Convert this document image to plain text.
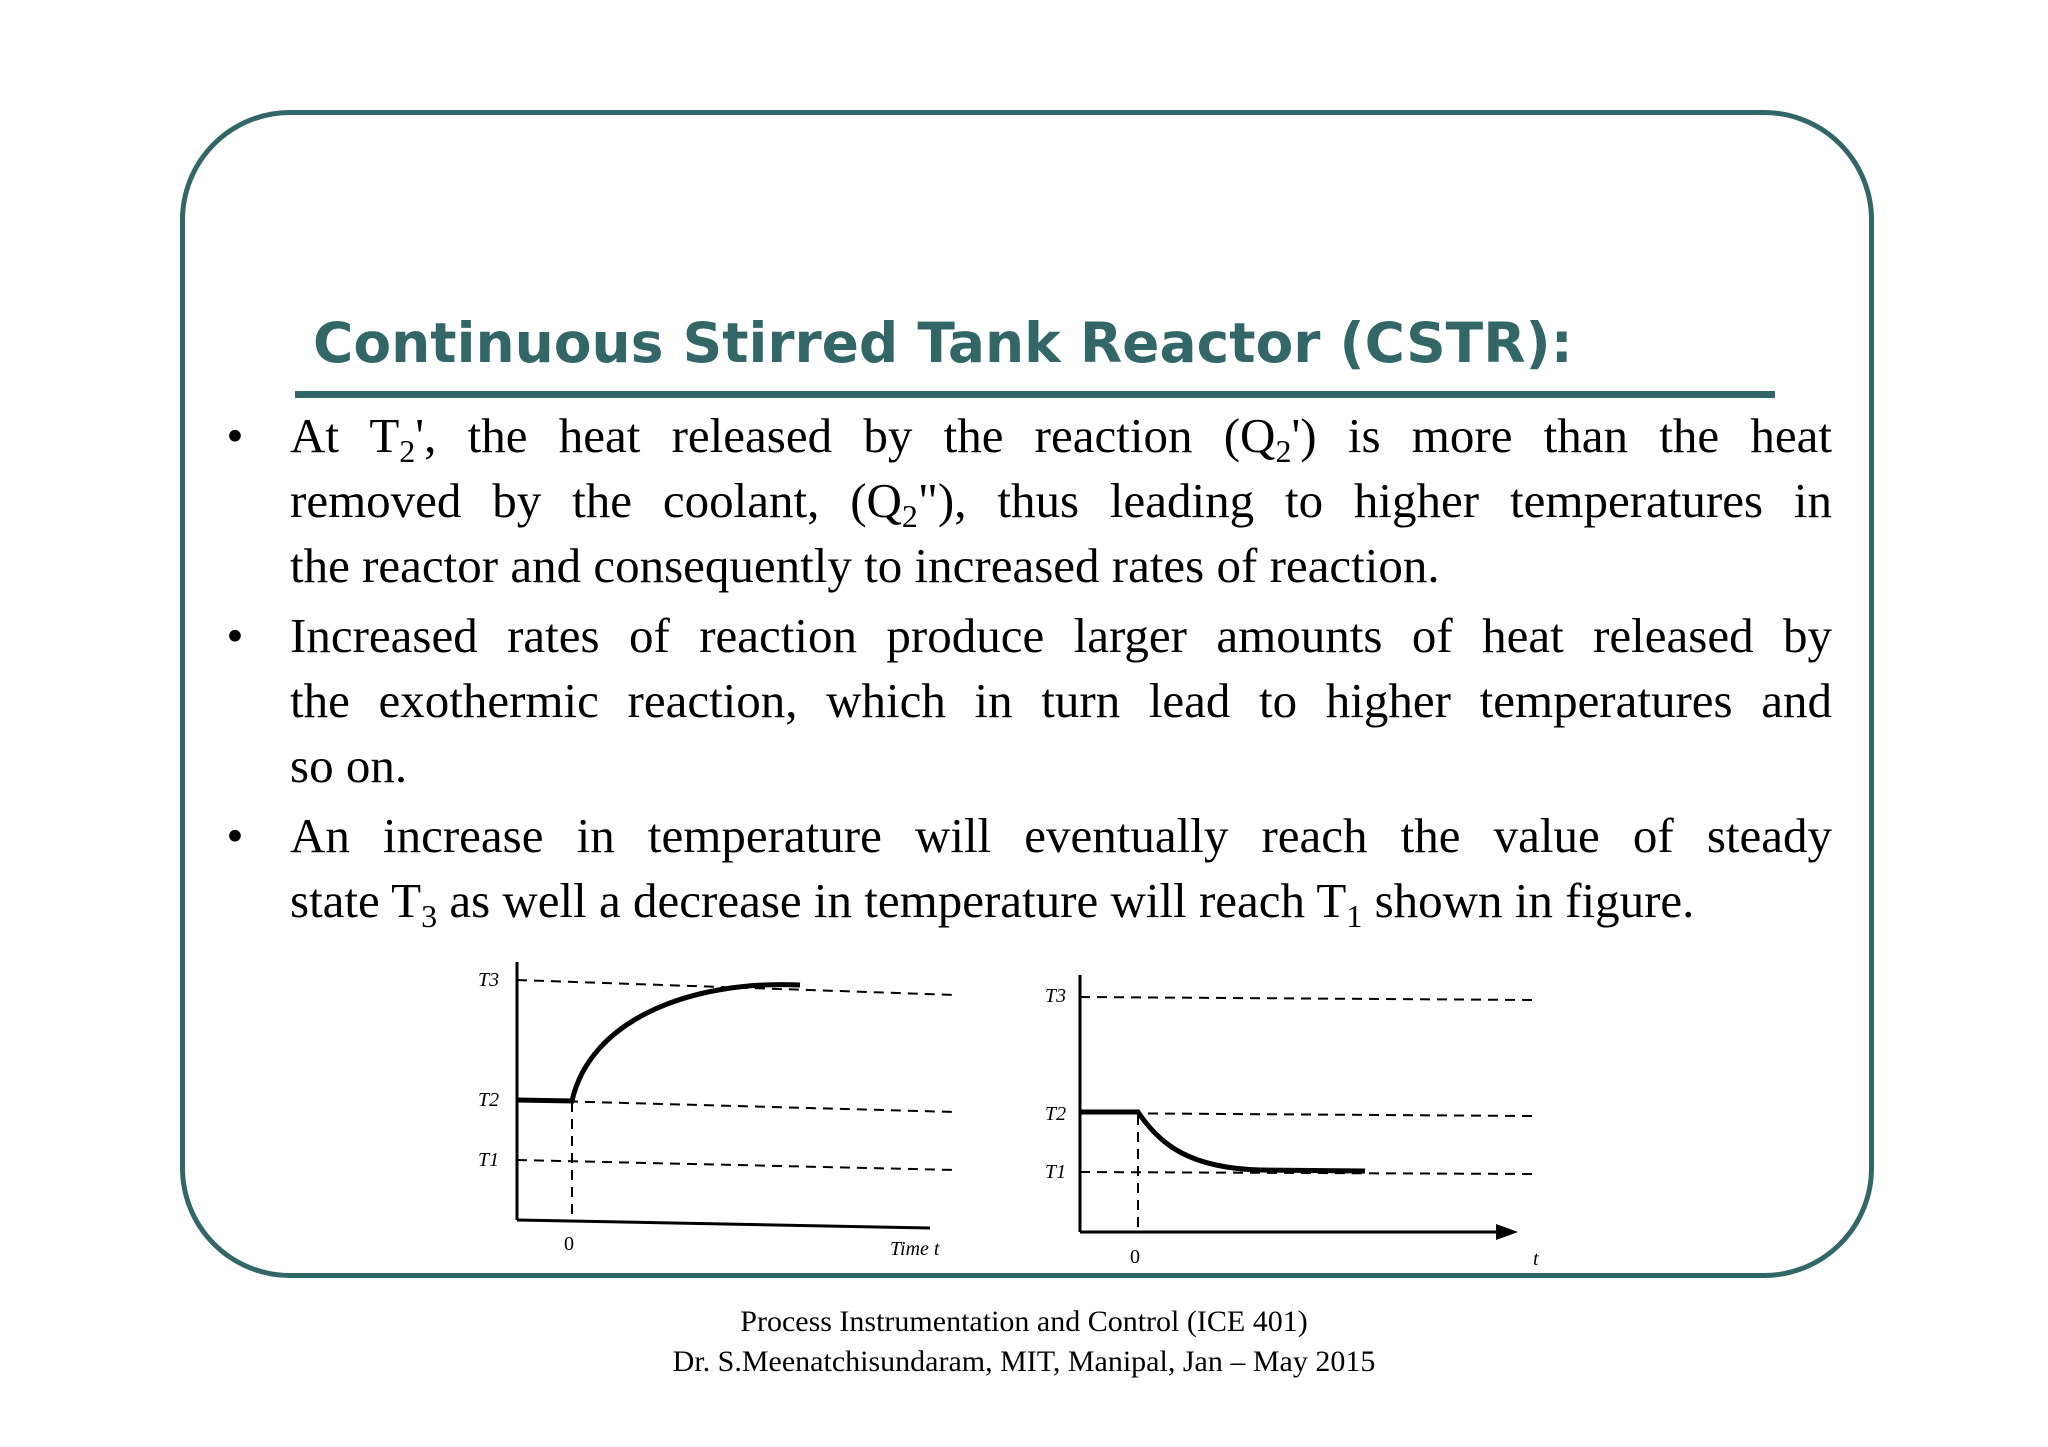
Continuous Stirred Tank Reactor (CSTR):
• At $T_2'$, the heat released by the reaction $(Q_2')$ is more than the heat
removed by the coolant, $(Q_2")$, thus leading to higher temperatures in
the reactor and consequently to increased rates of reaction.
• Increased rates of reaction produce larger amounts of heat released by
the exothermic reaction, which in turn lead to higher temperatures and
so on.
• An increase in temperature will eventually reach the value of steady
state $T_3$ as well a decrease in temperature will reach $T_1$ shown in figure.
T3
T2
T1
0	Time t
T3
T2
T1
0	t
Process Instrumentation and Control (ICE 401)
Dr. S.Meenatchisundaram, MIT, Manipal, Jan – May 2015
